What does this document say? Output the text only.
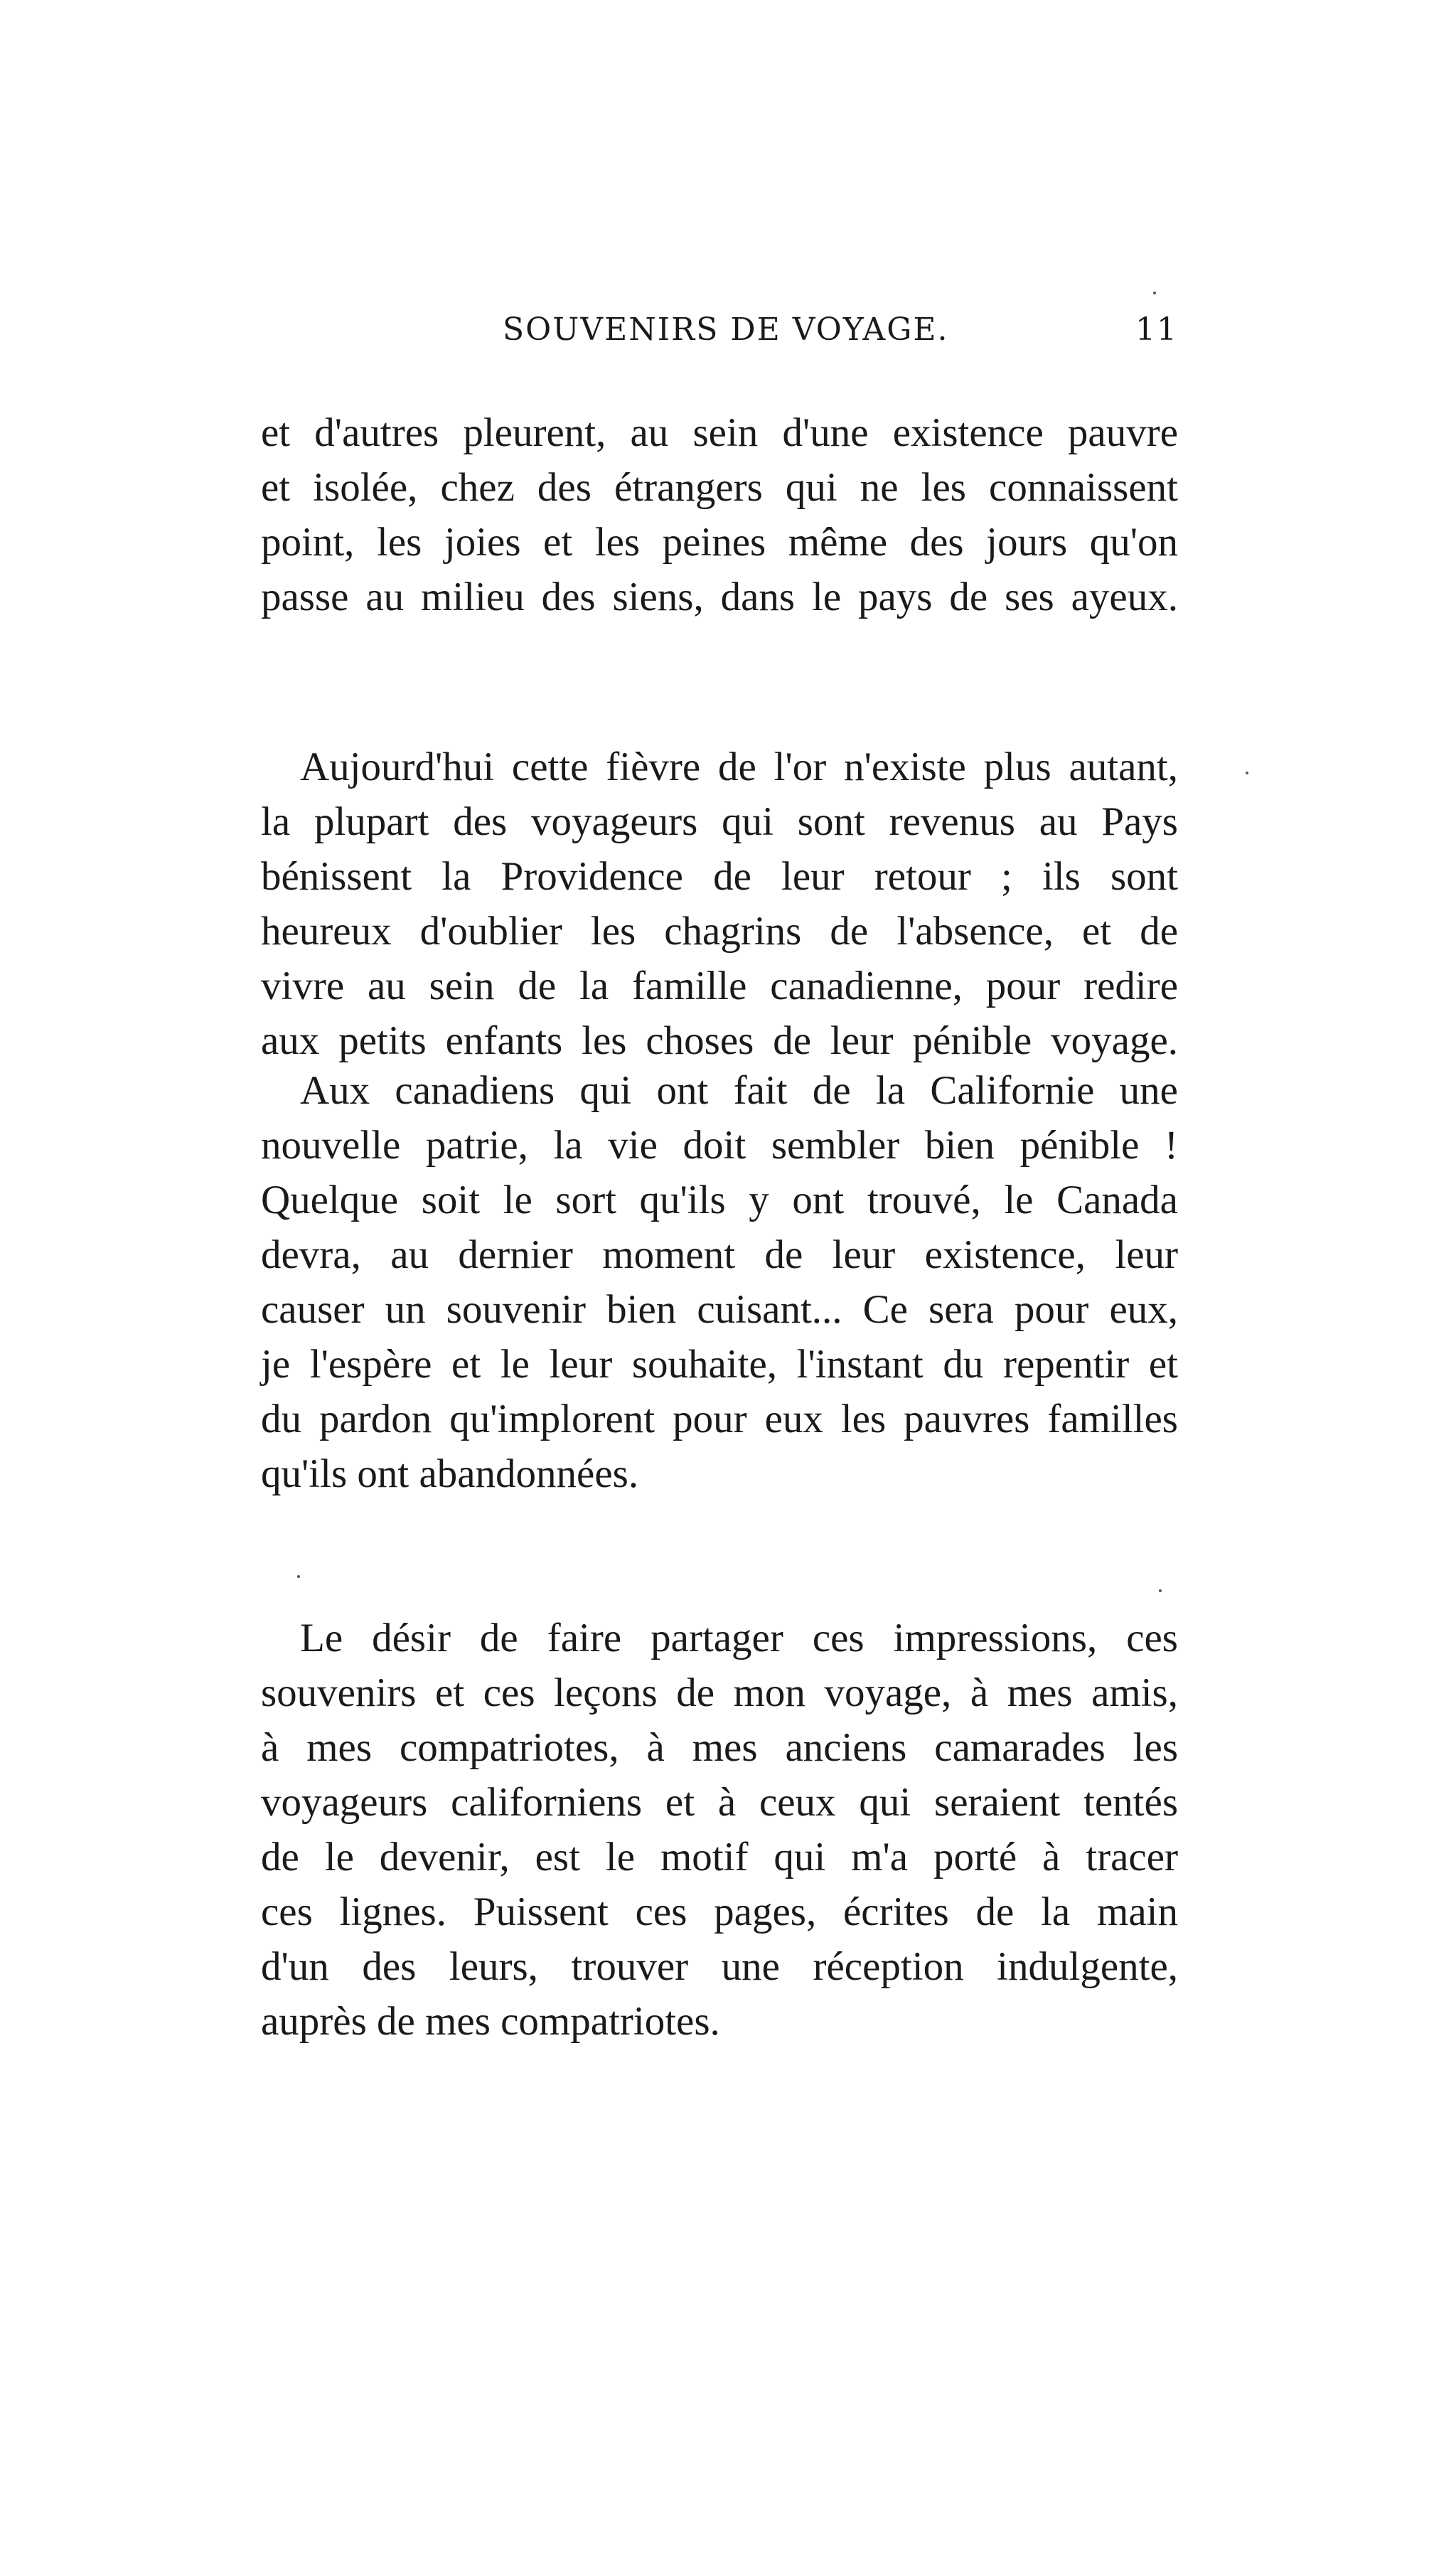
SOUVENIRS DE VOYAGE.	11
et d'autres pleurent, au sein d'une existence pauvre
et isolée, chez des étrangers qui ne les connaissent
point, les joies et les peines même des jours qu'on
passe au milieu des siens, dans le pays de ses ayeux.
Aujourd'hui cette fièvre de l'or n'existe plus autant,
la plupart des voyageurs qui sont revenus au Pays
bénissent la Providence de leur retour ; ils sont
heureux d'oublier les chagrins de l'absence, et de
vivre au sein de la famille canadienne, pour redire
aux petits enfants les choses de leur pénible voyage.
Aux canadiens qui ont fait de la Californie une
nouvelle patrie, la vie doit sembler bien pénible !
Quelque soit le sort qu'ils y ont trouvé, le Canada
devra, au dernier moment de leur existence, leur
causer un souvenir bien cuisant... Ce sera pour eux,
je l'espère et le leur souhaite, l'instant du repentir et
du pardon qu'implorent pour eux les pauvres familles
qu'ils ont abandonnées.
Le désir de faire partager ces impressions, ces
souvenirs et ces leçons de mon voyage, à mes amis,
à mes compatriotes, à mes anciens camarades les
voyageurs californiens et à ceux qui seraient tentés
de le devenir, est le motif qui m'a porté à tracer
ces lignes. Puissent ces pages, écrites de la main
d'un des leurs, trouver une réception indulgente,
auprès de mes compatriotes.
